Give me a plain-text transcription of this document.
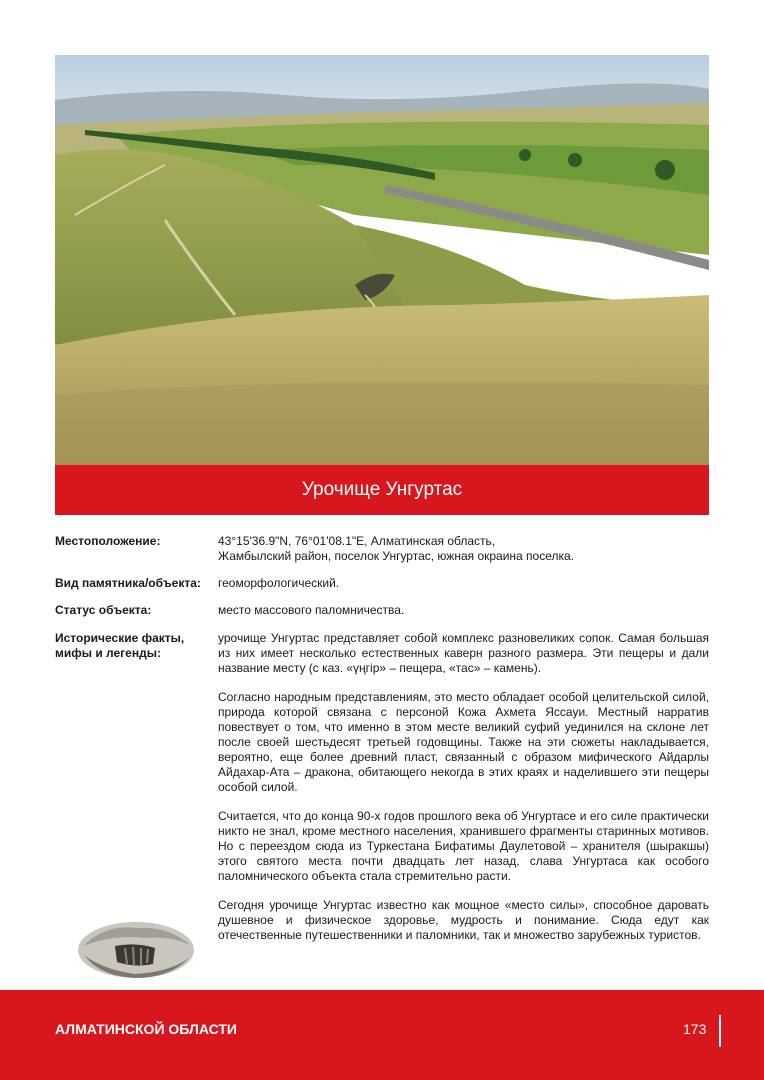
Урочище Унгуртас
Местоположение:	43°15'36.9"N, 76°01'08.1"E, Алматинская область,
Жамбылский район, поселок Унгуртас, южная окраина поселка.
Вид памятника/объекта:	геоморфологический.
Статус объекта:	место массового паломничества.
Исторические факты, мифы и легенды:

урочище Унгуртас представляет собой комплекс разновеликих сопок. Самая большая из них имеет несколько естественных каверн разного размера. Эти пещеры и дали название месту (с каз. «үңгір» – пещера, «тас» – камень).

Согласно народным представлениям, это место обладает особой целительской силой, природа которой связана с персоной Кожа Ахмета Яссауи. Местный нарратив повествует о том, что именно в этом месте великий суфий уединился на склоне лет после своей шестьдесят третьей годовщины. Также на эти сюжеты накладывается, вероятно, еще более древний пласт, связанный с образом мифического Айдарлы Айдахар-Ата – дракона, обитающего некогда в этих краях и наделившего эти пещеры особой силой.

Считается, что до конца 90-х годов прошлого века об Унгуртасе и его силе практически никто не знал, кроме местного населения, хранившего фрагменты старинных мотивов. Но с переездом сюда из Туркестана Бифатимы Даулетовой – хранителя (шыракшы) этого святого места почти двадцать лет назад, слава Унгуртаса как особого паломнического объекта стала стремительно расти.

Сегодня урочище Унгуртас известно как мощное «место силы», способное даровать душевное и физическое здоровье, мудрость и понимание. Сюда едут как отечественные путешественники и паломники, так и множество зарубежных туристов.

АЛМАТИНСКОЙ ОБЛАСТИ	173
